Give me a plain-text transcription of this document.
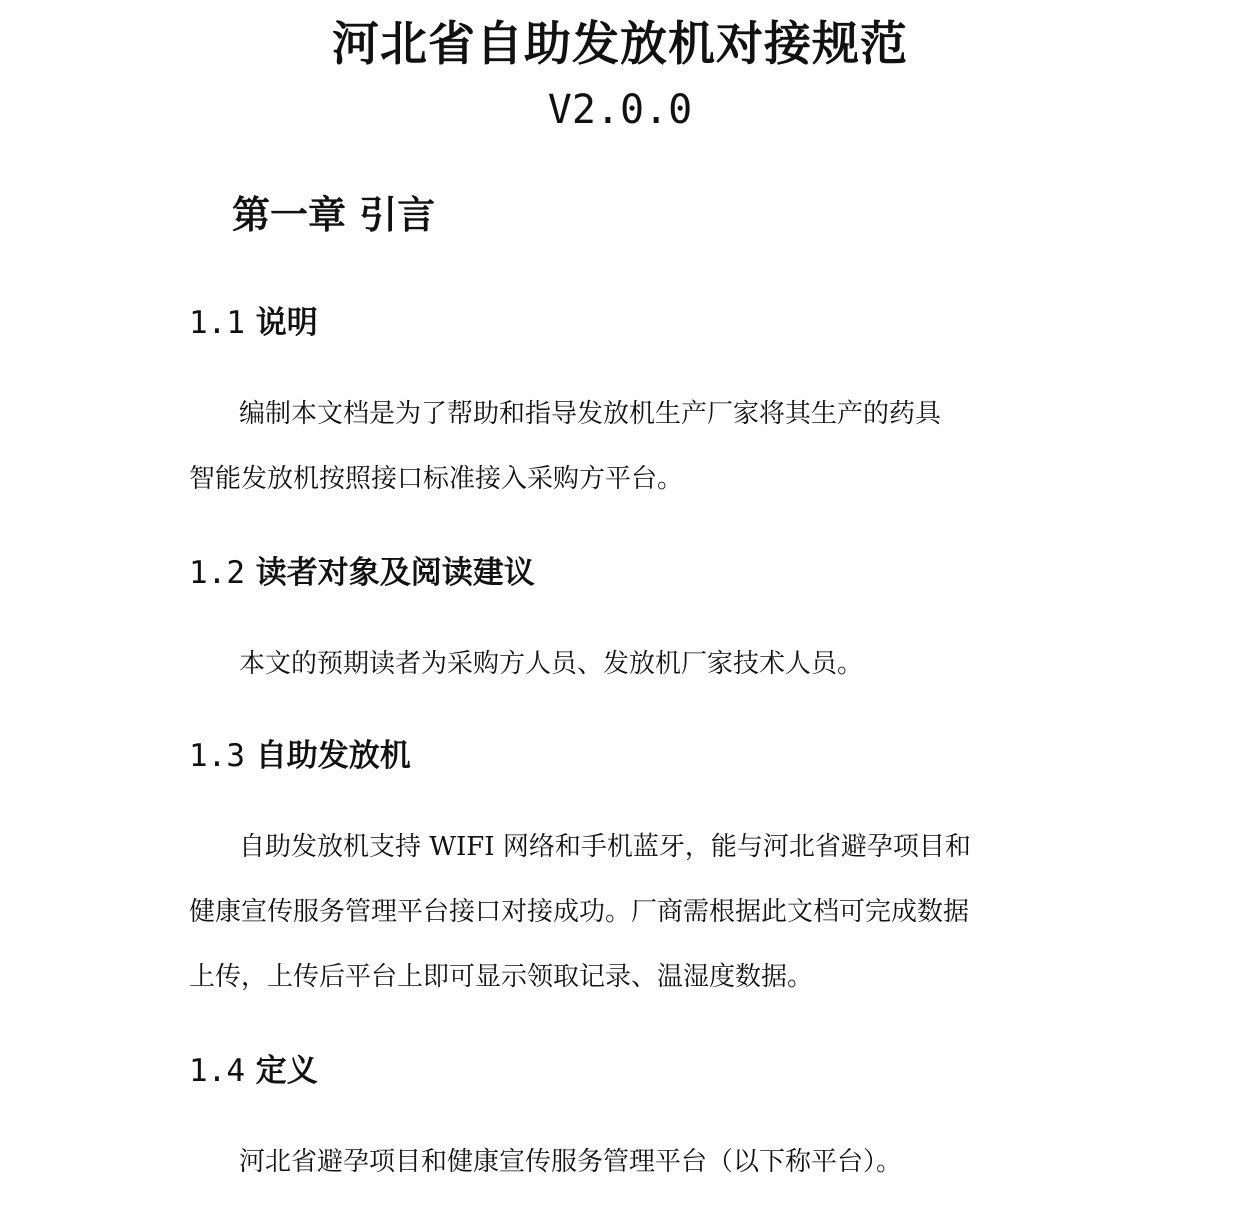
河北省自助发放机对接规范
V2.0.0
第一章 引言
1.1 说明
编制本文档是为了帮助和指导发放机生产厂家将其生产的药具
智能发放机按照接口标准接入采购方平台。
1.2 读者对象及阅读建议
本文的预期读者为采购方人员、发放机厂家技术人员。
1.3 自助发放机
自助发放机支持 WIFI 网络和手机蓝牙，能与河北省避孕项目和
健康宣传服务管理平台接口对接成功。厂商需根据此文档可完成数据
上传，上传后平台上即可显示领取记录、温湿度数据。
1.4 定义
河北省避孕项目和健康宣传服务管理平台（以下称平台）。
